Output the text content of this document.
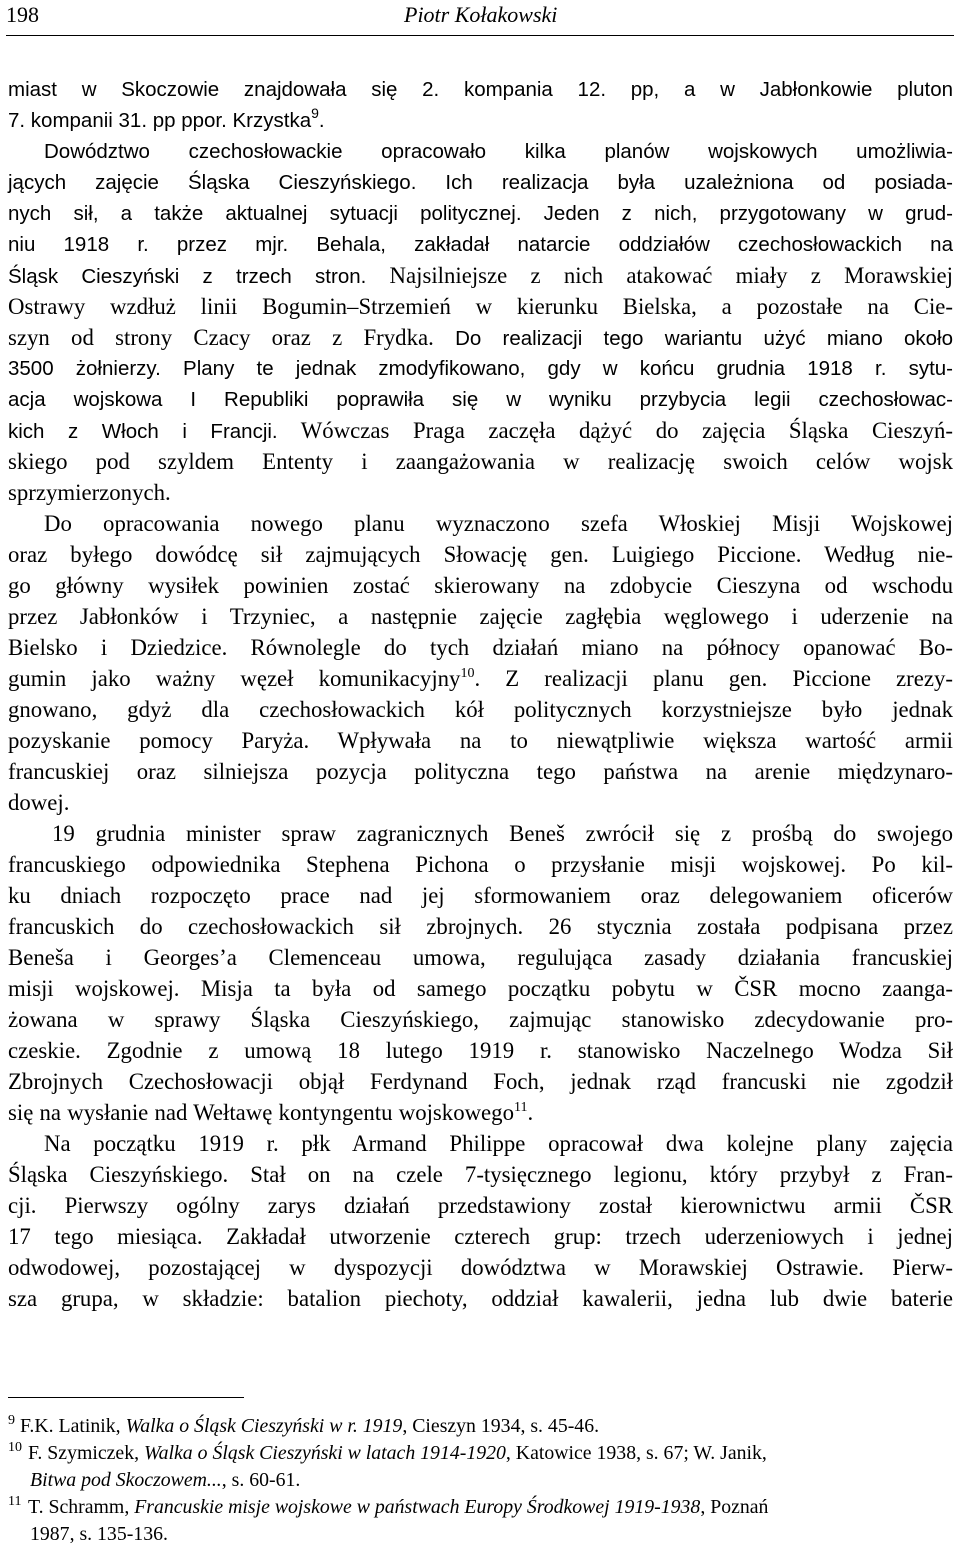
198	Piotr Kołakowski
miast w Skoczowie znajdowała się 2. kompania 12. pp, a w Jabłonkowie pluton
7. kompanii 31. pp ppor. Krzystka$^9$.
Dowództwo czechosłowackie opracowało kilka planów wojskowych umożliwia-
jących zajęcie Śląska Cieszyńskiego. Ich realizacja była uzależniona od posiada-
nych sił, a także aktualnej sytuacji politycznej. Jeden z nich, przygotowany w grud-
niu 1918 r. przez mjr. Behala, zakładał natarcie oddziałów czechosłowackich na
Śląsk Cieszyński z trzech stron. Najsilniejsze z nich atakować miały z Morawskiej
Ostrawy wzdłuż linii Bogumin–Strzemień w kierunku Bielska, a pozostałe na Cie-
szyn od strony Czacy oraz z Frydka. Do realizacji tego wariantu użyć miano około
3500 żołnierzy. Plany te jednak zmodyfikowano, gdy w końcu grudnia 1918 r. sytu-
acja wojskowa I Republiki poprawiła się w wyniku przybycia legii czechosłowac-
kich z Włoch i Francji. Wówczas Praga zaczęła dążyć do zajęcia Śląska Cieszyń-
skiego pod szyldem Ententy i zaangażowania w realizację swoich celów wojsk
sprzymierzonych.
Do opracowania nowego planu wyznaczono szefa Włoskiej Misji Wojskowej
oraz byłego dowódcę sił zajmujących Słowację gen. Luigiego Piccione. Według nie-
go główny wysiłek powinien zostać skierowany na zdobycie Cieszyna od wschodu
przez Jabłonków i Trzyniec, a następnie zajęcie zagłębia węglowego i uderzenie na
Bielsko i Dziedzice. Równolegle do tych działań miano na północy opanować Bo-
gumin jako ważny węzeł komunikacyjny$^{10}$. Z realizacji planu gen. Piccione zrezy-
gnowano, gdyż dla czechosłowackich kół politycznych korzystniejsze było jednak
pozyskanie pomocy Paryża. Wpływała na to niewątpliwie większa wartość armii
francuskiej oraz silniejsza pozycja polityczna tego państwa na arenie międzynaro-
dowej.
19 grudnia minister spraw zagranicznych Beneš zwrócił się z prośbą do swojego
francuskiego odpowiednika Stephena Pichona o przysłanie misji wojskowej. Po kil-
ku dniach rozpoczęto prace nad jej sformowaniem oraz delegowaniem oficerów
francuskich do czechosłowackich sił zbrojnych. 26 stycznia została podpisana przez
Beneša i Georges’a Clemenceau umowa, regulująca zasady działania francuskiej
misji wojskowej. Misja ta była od samego początku pobytu w ČSR mocno zaanga-
żowana w sprawy Śląska Cieszyńskiego, zajmując stanowisko zdecydowanie pro-
czeskie. Zgodnie z umową 18 lutego 1919 r. stanowisko Naczelnego Wodza Sił
Zbrojnych Czechosłowacji objął Ferdynand Foch, jednak rząd francuski nie zgodził
się na wysłanie nad Wełtawę kontyngentu wojskowego$^{11}$.
Na początku 1919 r. płk Armand Philippe opracował dwa kolejne plany zajęcia
Śląska Cieszyńskiego. Stał on na czele 7-tysięcznego legionu, który przybył z Fran-
cji. Pierwszy ogólny zarys działań przedstawiony został kierownictwu armii ČSR
17 tego miesiąca. Zakładał utworzenie czterech grup: trzech uderzeniowych i jednej
odwodowej, pozostającej w dyspozycji dowództwa w Morawskiej Ostrawie. Pierw-
sza grupa, w składzie: batalion piechoty, oddział kawalerii, jedna lub dwie baterie
9 F.K. Latinik, Walka o Śląsk Cieszyński w r. 1919, Cieszyn 1934, s. 45-46.
10 F. Szymiczek, Walka o Śląsk Cieszyński w latach 1914-1920, Katowice 1938, s. 67; W. Janik,
Bitwa pod Skoczowem..., s. 60-61.
11 T. Schramm, Francuskie misje wojskowe w państwach Europy Środkowej 1919-1938, Poznań
1987, s. 135-136.
